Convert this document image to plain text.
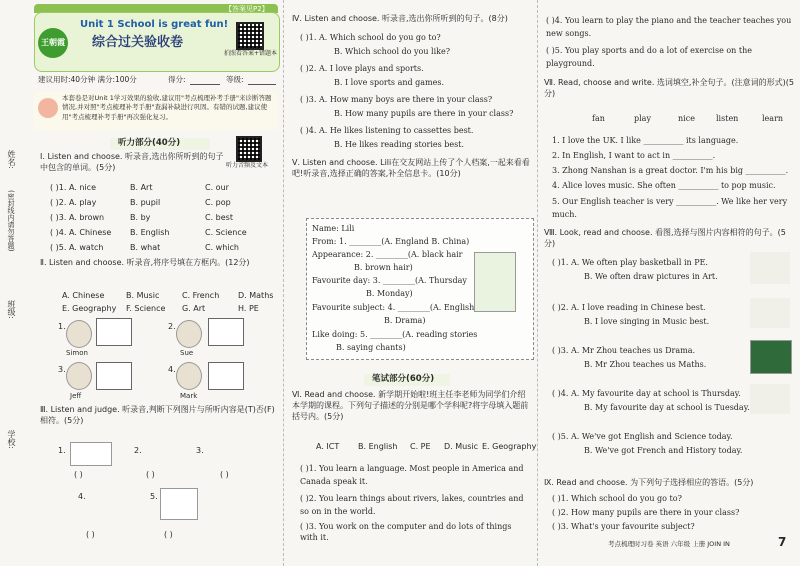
姓名:
(密封线内请勿答题)
班级:
学校:
【答案见P2】
王朝霞
Unit 1 School is great fun!
综合过关验收卷
拍照看答案+错题本
建议用时:40分钟 满分:100分	得分:	等级:
本套卷是对Unit 1学习效果的验收,建议用"考点梳理补考手册"来诊断答题情况,并对照"考点梳理补考手册"查漏补缺进行巩固。有错的试题,建议使用"考点梳理补考手册"再次强化复习。
听力部分(40分)
听力音频及文本
Ⅰ. Listen and choose. 听录音,选出你所听到的句子中包含的单词。(5分)
( )1. A. nice	B. Art	C. our
( )2. A. play	B. pupil	C. pop
( )3. A. brown	B. by	C. best
( )4. A. Chinese B. English	C. Science
( )5. A. watch	B. what	C. which
Ⅱ. Listen and choose. 听录音,将序号填在方框内。(12分)
A. Chinese	B. Music	C. French D. Maths
E. Geography F. Science G. Art	H. PE
1.
Simon
2.
Sue
3.
Jeff
4.
Mark
Ⅲ. Listen and judge. 听录音,判断下列图片与所听内容是(T)否(F)相符。(5分)
1.
( )
2.
( )
3.
( )
4.
( )
5.
( )
Ⅳ. Listen and choose. 听录音,选出你所听到的句子。(8分)
( )1. A. Which school do you go to?
B. Which school do you like?
( )2. A. I love plays and sports.
B. I love sports and games.
( )3. A. How many boys are there in your class?
B. How many pupils are there in your class?
( )4. A. He likes listening to cassettes best.
B. He likes reading stories best.
Ⅴ. Listen and choose. Lili在交友网站上传了个人档案,一起来看看吧!听录音,选择正确的答案,补全信息卡。(10分)
Name: Lili
From: 1. ________(A. England B. China)
Appearance: 2. ________(A. black hair
B. brown hair)
Favourite day: 3. ________(A. Thursday
B. Monday)
Favourite subject: 4. ________(A. English
B. Drama)
Like doing: 5. ________(A. reading stories
B. saying chants)
笔试部分(60分)
Ⅵ. Read and choose. 新学期开始啦!班主任李老师为同学们介绍本学期的课程。下列句子描述的分别是哪个学科呢?将字母填入题前括号内。(5分)
A. ICT B. English C. PE D. Music E. Geography
( )1. You learn a language. Most people in America and Canada speak it.
( )2. You learn things about rivers, lakes, countries and so on in the world.
( )3. You work on the computer and do lots of things with it.
( )4. You learn to play the piano and the teacher teaches you new songs.
( )5. You play sports and do a lot of exercise on the playground.
Ⅶ. Read, choose and write. 选词填空,补全句子。(注意词的形式)(5分)
fan	play	nice	listen	learn
1. I love the UK. I like __________ its language.
2. In English, I want to act in __________.
3. Zhong Nanshan is a great doctor. I'm his big __________.
4. Alice loves music. She often __________ to pop music.
5. Our English teacher is very __________. We like her very much.
Ⅷ. Look, read and choose. 看图,选择与图片内容相符的句子。(5分)
( )1. A. We often play basketball in PE.
B. We often draw pictures in Art.
( )2. A. I love reading in Chinese best.
B. I love singing in Music best.
( )3. A. Mr Zhou teaches us Drama.
B. Mr Zhou teaches us Maths.
( )4. A. My favourite day at school is Thursday.
B. My favourite day at school is Tuesday.
( )5. A. We've got English and Science today.
B. We've got French and History today.
Ⅸ. Read and choose. 为下列句子选择相应的答语。(5分)
( )1. Which school do you go to?
( )2. How many pupils are there in your class?
( )3. What's your favourite subject?
考点梳理时习卷 英语 六年级 上册 JOIN IN	7
